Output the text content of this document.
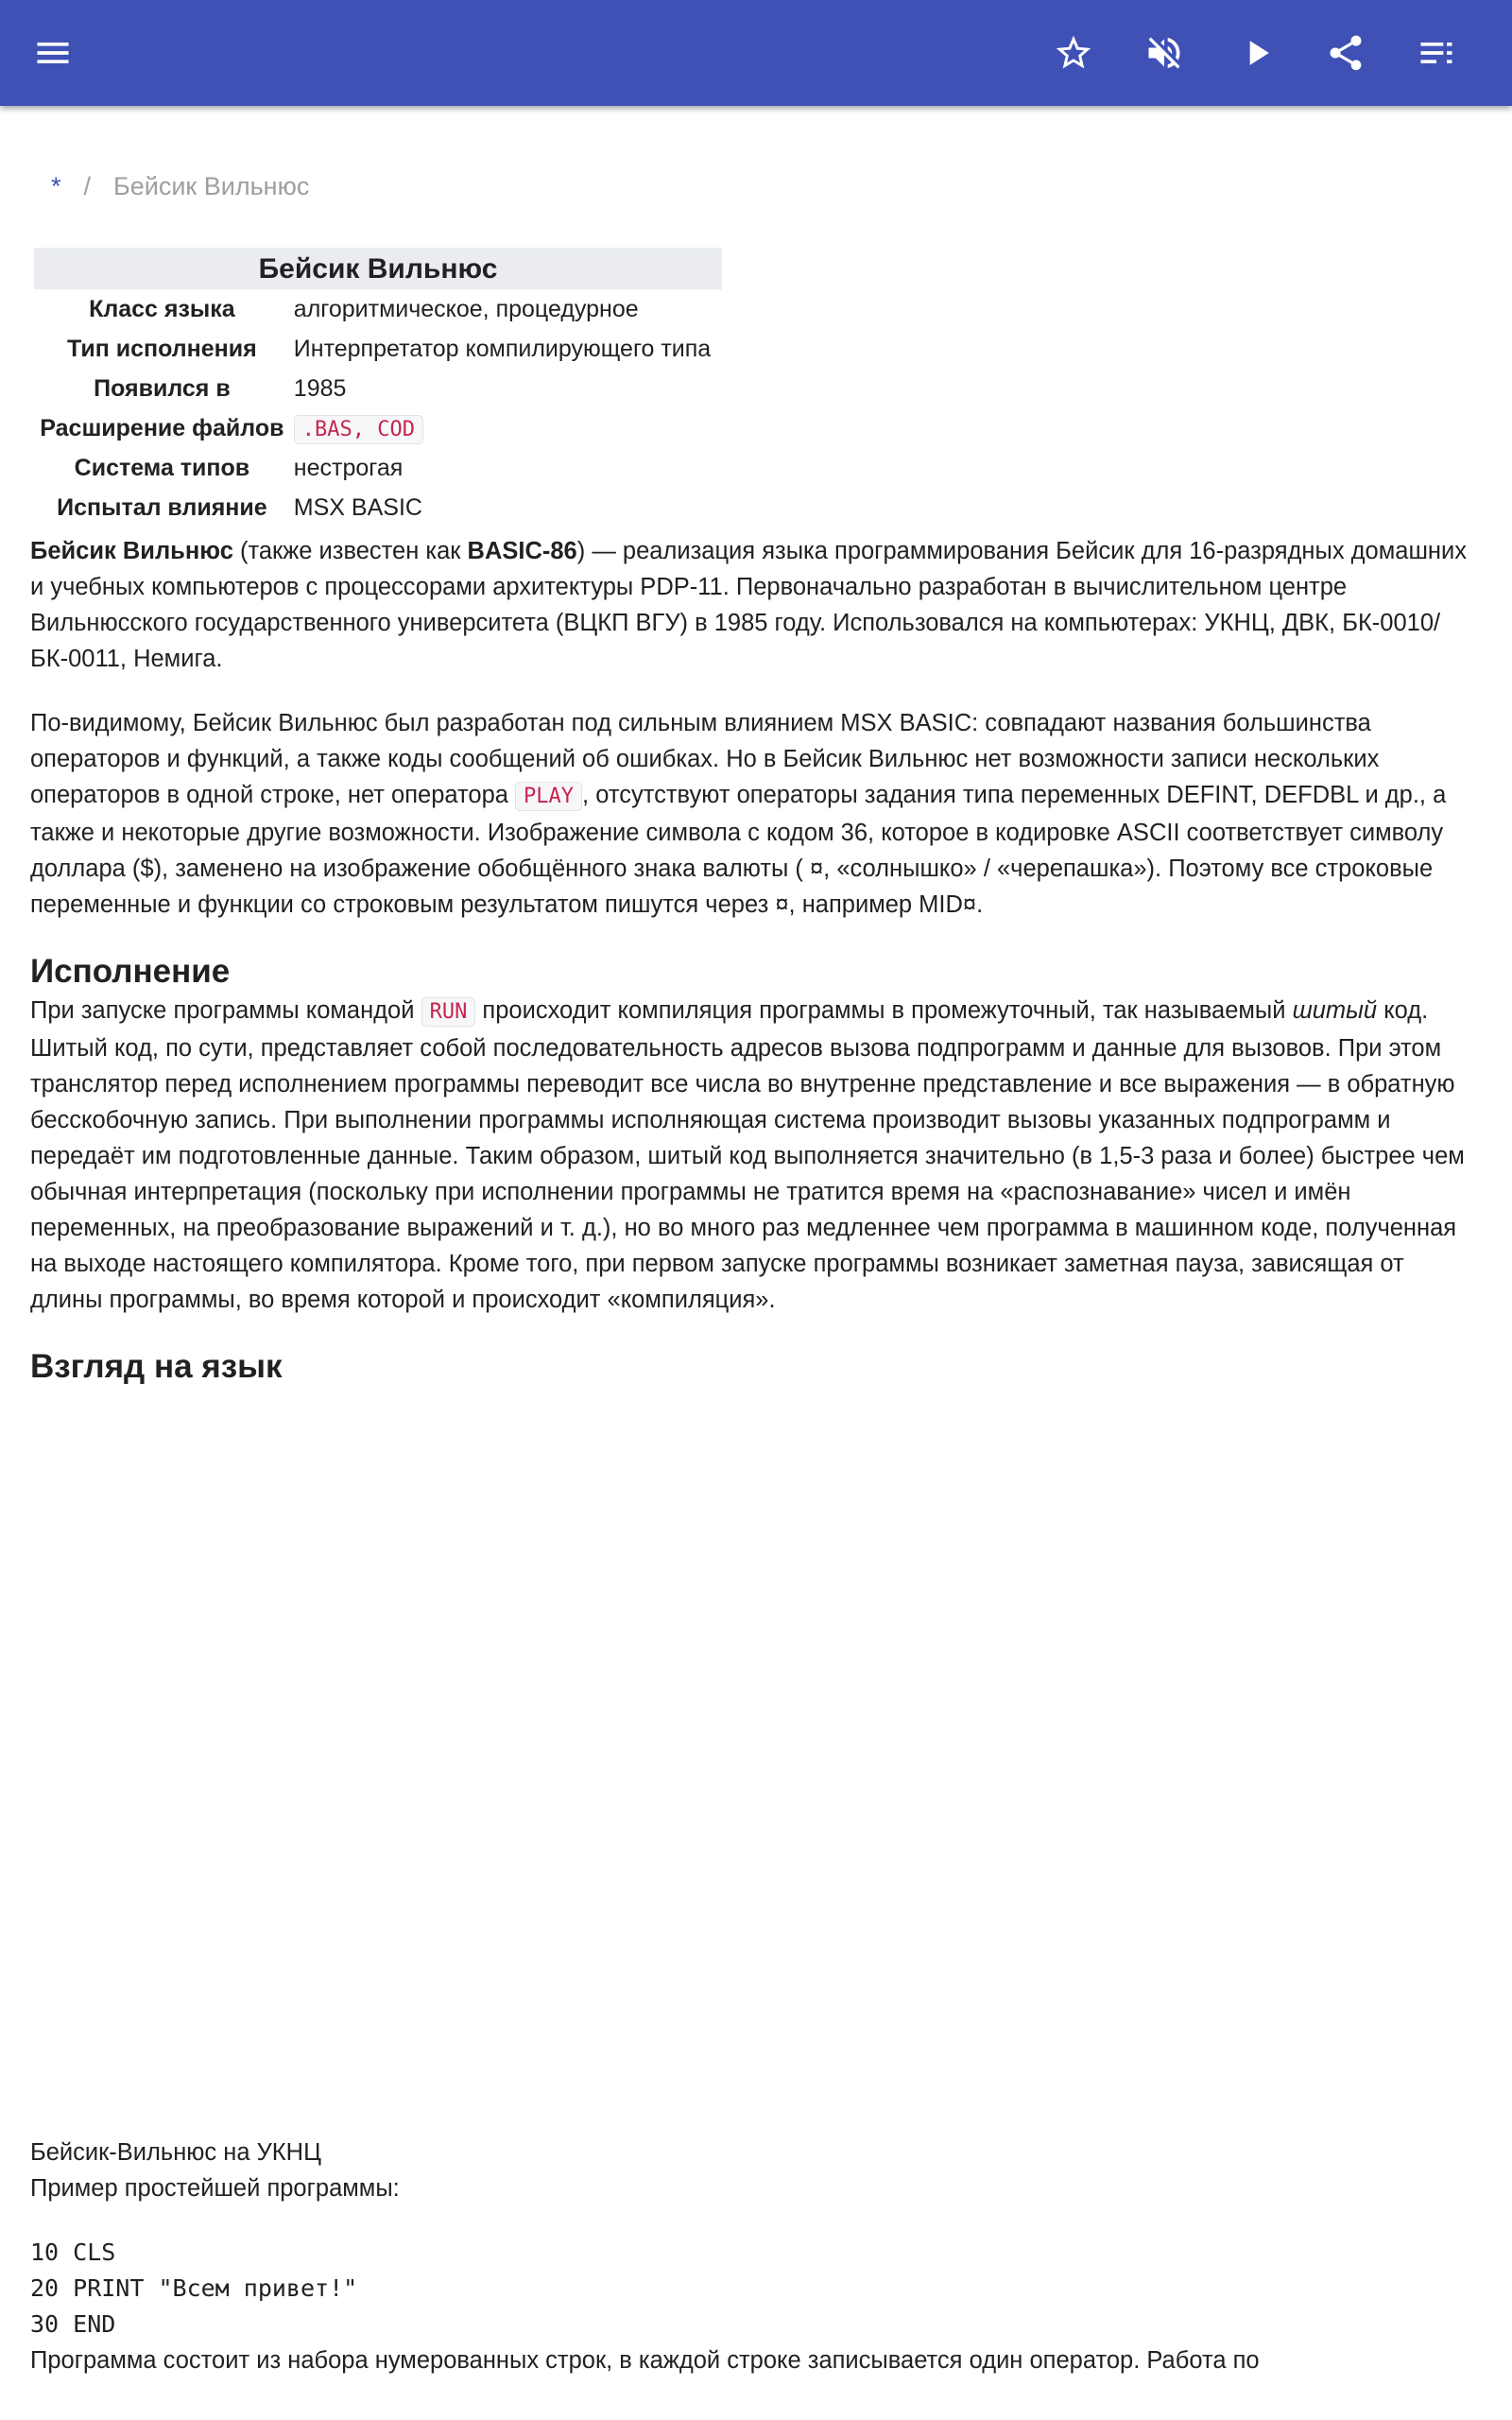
* / Бейсик Вильнюс
Бейсик Вильнюс
Класс языка	алгоритмическое, процедурное
Тип исполнения	Интерпретатор компилирующего типа
Появился в	1985
Расширение файлов	.BAS, COD
Система типов	нестрогая
Испытал влияние	MSX BASIC

Бейсик Вильнюс (также известен как BASIC-86) — реализация языка программирования Бейсик для 16-разрядных домашних и учебных компьютеров с процессорами архитектуры PDP-11. Первоначально разработан в вычислительном центре Вильнюсского государственного университета (ВЦКП ВГУ) в 1985 году. Использовался на компьютерах: УКНЦ, ДВК, БК-0010/БК-0011, Немига.

По-видимому, Бейсик Вильнюс был разработан под сильным влиянием MSX BASIC: совпадают названия большинства операторов и функций, а также коды сообщений об ошибках. Но в Бейсик Вильнюс нет возможности записи нескольких операторов в одной строке, нет оператора PLAY , отсутствуют операторы задания типа переменных DEFINT, DEFDBL и др., а также и некоторые другие возможности. Изображение символа с кодом 36, которое в кодировке ASCII соответствует символу доллара ($), заменено на изображение обобщённого знака валюты ( ¤, «солнышко» / «черепашка»). Поэтому все строковые переменные и функции со строковым результатом пишутся через ¤, например MID¤.

Исполнение

При запуске программы командой RUN происходит компиляция программы в промежуточный, так называемый шитый код. Шитый код, по сути, представляет собой последовательность адресов вызова подпрограмм и данные для вызовов. При этом транслятор перед исполнением программы переводит все числа во внутренне представление и все выражения — в обратную бесскобочную запись. При выполнении программы исполняющая система производит вызовы указанных подпрограмм и передаёт им подготовленные данные. Таким образом, шитый код выполняется значительно (в 1,5-3 раза и более) быстрее чем обычная интерпретация (поскольку при исполнении программы не тратится время на «распознавание» чисел и имён переменных, на преобразование выражений и т. д.), но во много раз медленнее чем программа в машинном коде, полученная на выходе настоящего компилятора. Кроме того, при первом запуске программы возникает заметная пауза, зависящая от длины программы, во время которой и происходит «компиляция».

Взгляд на язык
Бейсик-Вильнюс на УКНЦ
Пример простейшей программы:
10 CLS
20 PRINT "Всем привет!"
30 END
Программа состоит из набора нумерованных строк, в каждой строке записывается один оператор. Работа по
